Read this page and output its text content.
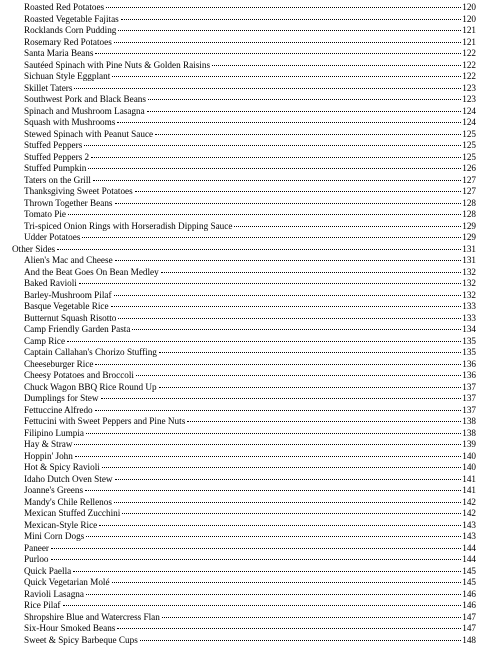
Roasted Red Potatoes	120
Roasted Vegetable Fajitas	120
Rocklands Corn Pudding	121
Rosemary Red Potatoes	121
Santa Maria Beans	122
Sautéed Spinach with Pine Nuts & Golden Raisins	122
Sichuan Style Eggplant	122
Skillet Taters	123
Southwest Pork and Black Beans	123
Spinach and Mushroom Lasagna	124
Squash with Mushrooms	124
Stewed Spinach with Peanut Sauce	125
Stuffed Peppers	125
Stuffed Peppers 2	125
Stuffed Pumpkin	126
Taters on the Grill	127
Thanksgiving Sweet Potatoes	127
Thrown Together Beans	128
Tomato Pie	128
Tri-spiced Onion Rings with Horseradish Dipping Sauce	129
Udder Potatoes	129
Other Sides	131
Alien's Mac and Cheese	131
And the Beat Goes On Bean Medley	132
Baked Ravioli	132
Barley-Mushroom Pilaf	132
Basque Vegetable Rice	133
Butternut Squash Risotto	133
Camp Friendly Garden Pasta	134
Camp Rice	135
Captain Callahan's Chorizo Stuffing	135
Cheeseburger Rice	136
Cheesy Potatoes and Broccoli	136
Chuck Wagon BBQ Rice Round Up	137
Dumplings for Stew	137
Fettuccine Alfredo	137
Fettucini with Sweet Peppers and Pine Nuts	138
Filipino Lumpia	138
Hay & Straw	139
Hoppin' John	140
Hot & Spicy Ravioli	140
Idaho Dutch Oven Stew	141
Joanne's Greens	141
Mandy's Chile Rellenos	142
Mexican Stuffed Zucchini	142
Mexican-Style Rice	143
Mini Corn Dogs	143
Paneer	144
Purloo	144
Quick Paella	145
Quick Vegetarian Molé	145
Ravioli Lasagna	146
Rice Pilaf	146
Shropshire Blue and Watercress Flan	147
Six-Hour Smoked Beans	147
Sweet & Spicy Barbeque Cups	148
